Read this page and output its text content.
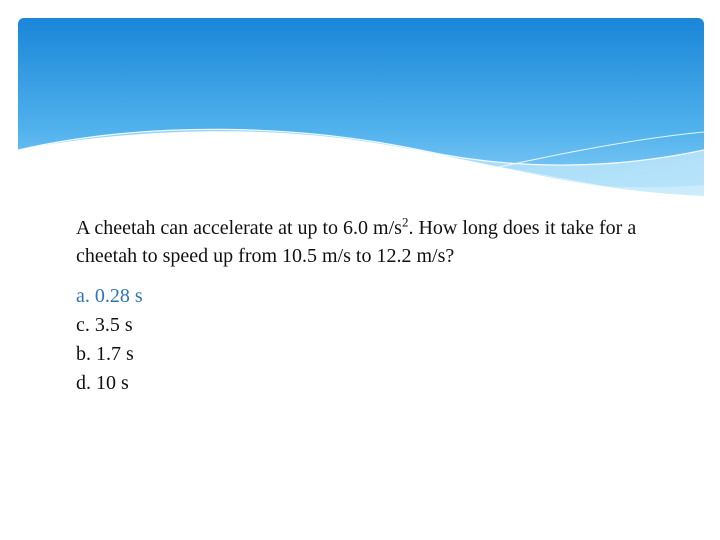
A cheetah can accelerate at up to 6.0 $m/s^2$. How long does it take for a cheetah to speed up from 10.5 m/s to 12.2 m/s?

a. 0.28 s
c. 3.5 s
b. 1.7 s
d. 10 s
